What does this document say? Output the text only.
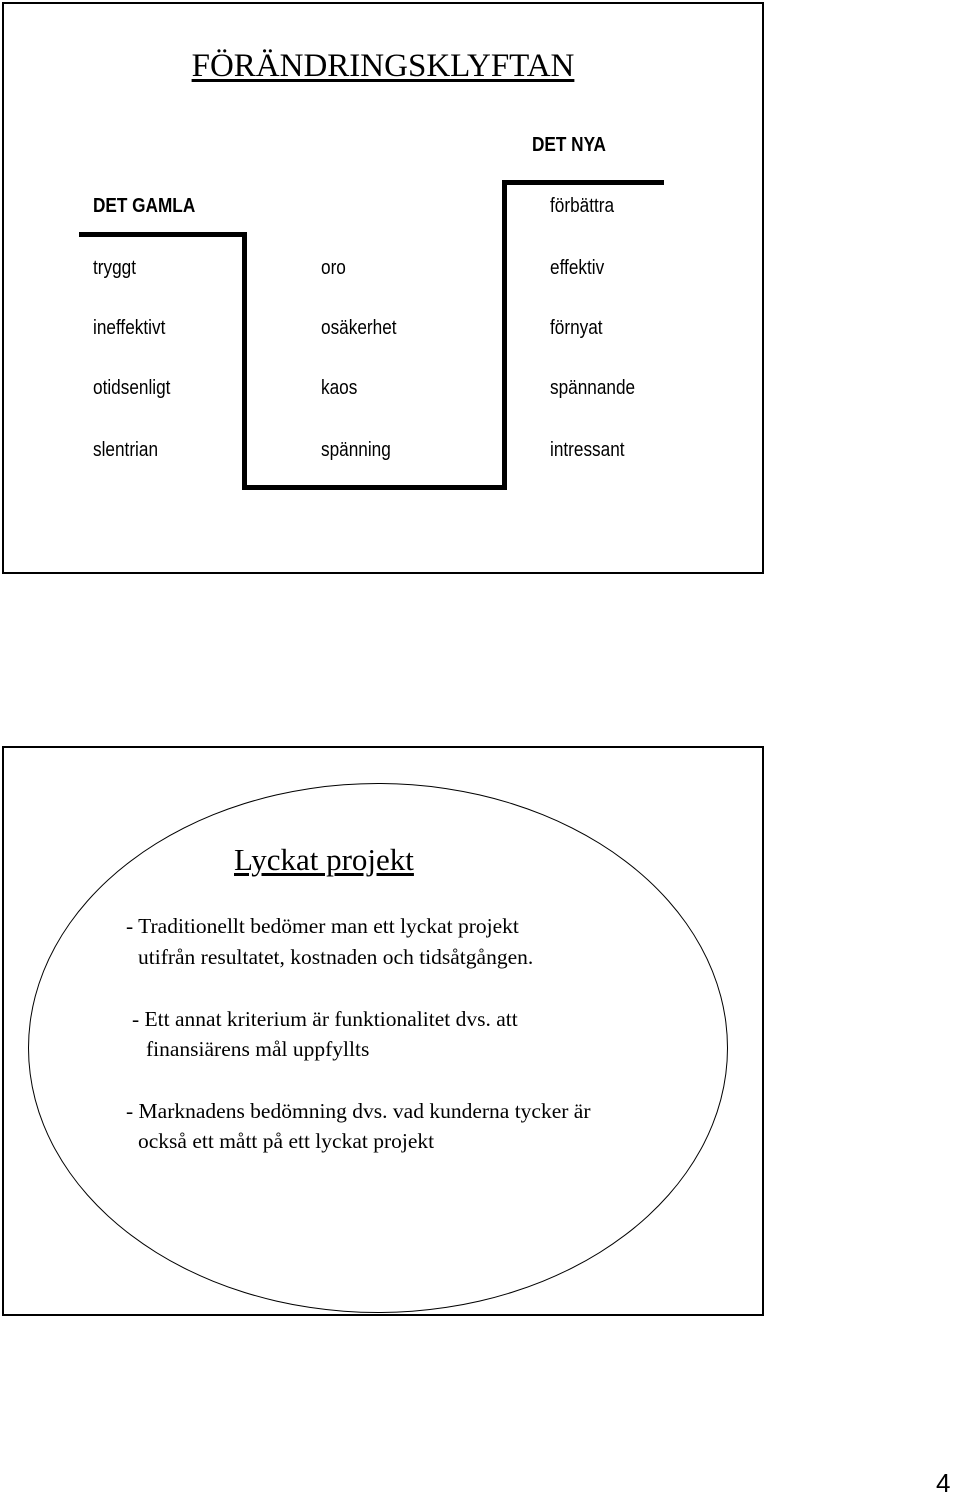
FÖRÄNDRINGSKLYFTAN
DET NYA
DET GAMLA
tryggt
ineffektivt
otidsenligt
slentrian
oro
osäkerhet
kaos
spänning
förbättra
effektiv
förnyat
spännande
intressant
Lyckat projekt
- Traditionellt bedömer man ett lyckat projekt
utifrån resultatet, kostnaden och tidsåtgången.
- Ett annat kriterium är funktionalitet dvs. att
finansiärens mål uppfyllts
- Marknadens bedömning dvs. vad kunderna tycker är
också ett mått på ett lyckat projekt
4
